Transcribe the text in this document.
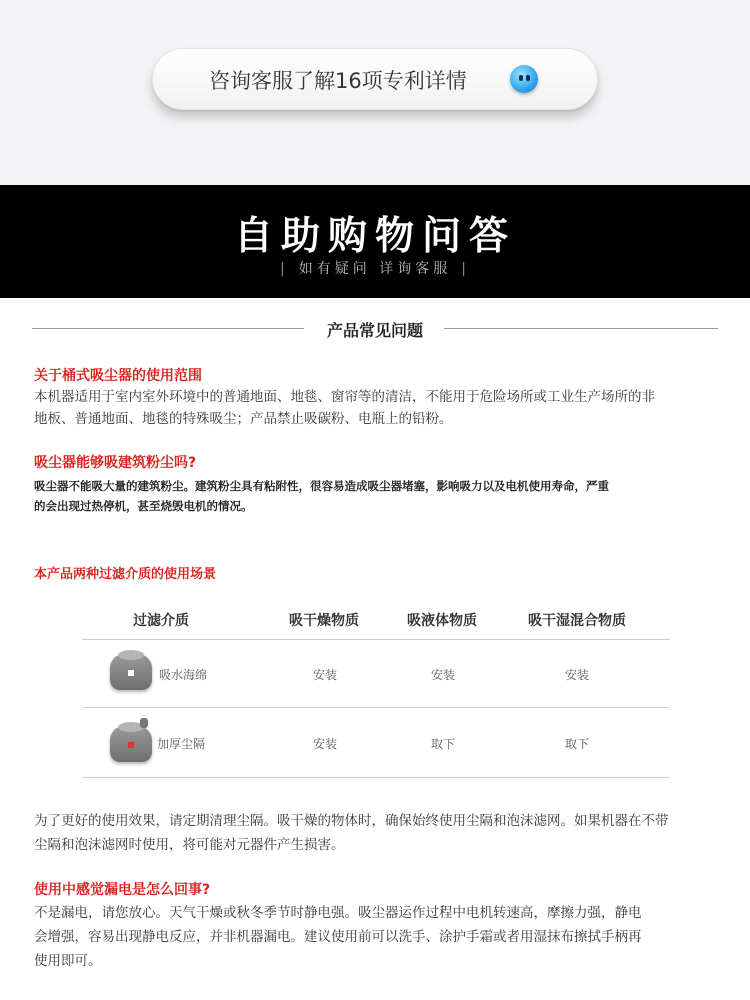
咨询客服了解16项专利详情
自助购物问答
| 如有疑问 详询客服 |
产品常见问题
关于桶式吸尘器的使用范围
本机器适用于室内室外环境中的普通地面、地毯、窗帘等的清洁，不能用于危险场所或工业生产场所的非
地板、普通地面、地毯的特殊吸尘；产品禁止吸碳粉、电瓶上的铅粉。
吸尘器能够吸建筑粉尘吗?
吸尘器不能吸大量的建筑粉尘。建筑粉尘具有粘附性，很容易造成吸尘器堵塞，影响吸力以及电机使用寿命，严重
的会出现过热停机，甚至烧毁电机的情况。
本产品两种过滤介质的使用场景
过滤介质	吸干燥物质	吸液体物质	吸干湿混合物质
吸水海绵	安装	安装	安装
加厚尘隔	安装	取下	取下
为了更好的使用效果，请定期清理尘隔。吸干燥的物体时，确保始终使用尘隔和泡沫滤网。如果机器在不带
尘隔和泡沫滤网时使用，将可能对元器件产生损害。
使用中感觉漏电是怎么回事?
不是漏电，请您放心。天气干燥或秋冬季节时静电强。吸尘器运作过程中电机转速高，摩擦力强，静电
会增强，容易出现静电反应，并非机器漏电。建议使用前可以洗手、涂护手霜或者用湿抹布擦拭手柄再
使用即可。
